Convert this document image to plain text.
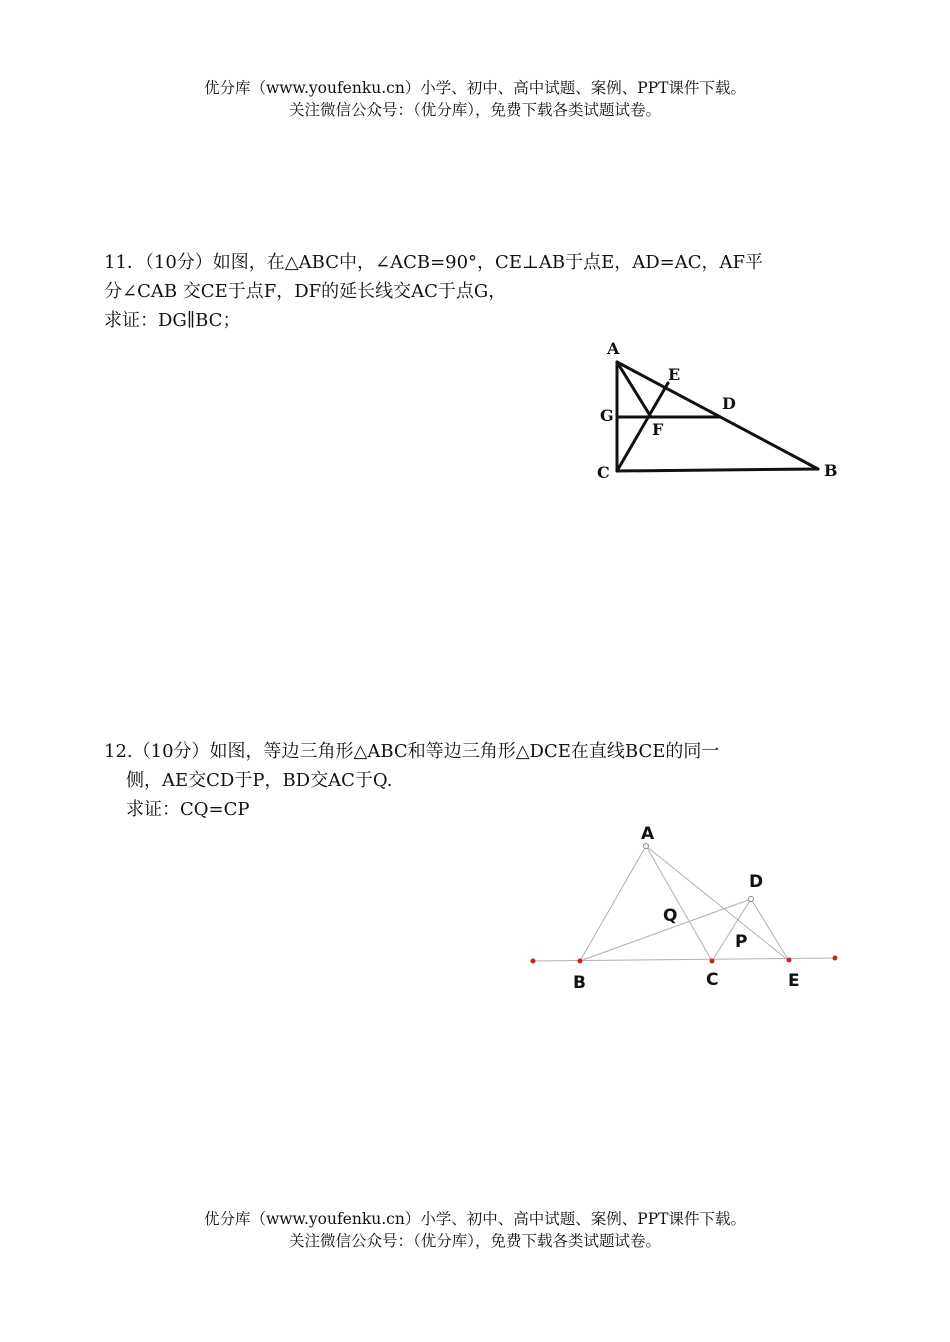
优分库（www.youfenku.cn）小学、初中、高中试题、案例、PPT课件下载。
关注微信公众号：（优分库），免费下载各类试题试卷。
11．（10分）如图，在△ABC中，∠ACB=90°，CE⊥AB于点E，AD=AC，AF平
分∠CAB 交CE于点F，DF的延长线交AC于点G，
求证：DG∥BC；
A
E
D
G
F
C	B
12.（10分）如图，等边三角形△ABC和等边三角形△DCE在直线BCE的同一
侧，AE交CD于P，BD交AC于Q.
求证：CQ=CP
A
D
Q
P
B	C	E
优分库（www.youfenku.cn）小学、初中、高中试题、案例、PPT课件下载。
关注微信公众号：（优分库），免费下载各类试题试卷。
